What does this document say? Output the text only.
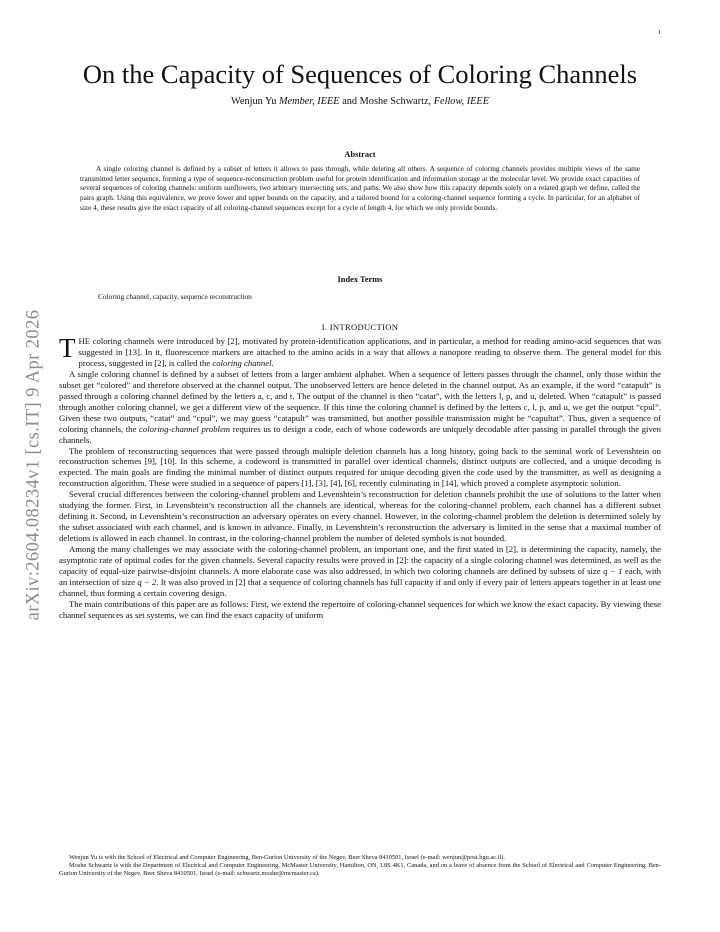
1
arXiv:2604.08234v1 [cs.IT] 9 Apr 2026
On the Capacity of Sequences of Coloring Channels
Wenjun Yu Member, IEEE and Moshe Schwartz, Fellow, IEEE
Abstract
A single coloring channel is defined by a subset of letters it allows to pass through, while deleting all others. A sequence of coloring channels provides multiple views of the same transmitted letter sequence, forming a type of sequence-reconstruction problem useful for protein identification and information storage at the molecular level. We provide exact capacities of several sequences of coloring channels: uniform sunflowers, two arbitrary intersecting sets, and paths. We also show how this capacity depends solely on a related graph we define, called the pairs graph. Using this equivalence, we prove lower and upper bounds on the capacity, and a tailored bound for a coloring-channel sequence forming a cycle. In particular, for an alphabet of size 4, these results give the exact capacity of all coloring-channel sequences except for a cycle of length 4, for which we only provide bounds.
Index Terms
Coloring channel, capacity, sequence reconstruction
I. INTRODUCTION

THE coloring channels were introduced by [2], motivated by protein-identification applications, and in particular, a method for reading amino-acid sequences that was suggested in [13]. In it, fluorescence markers are attached to the amino acids in a way that allows a nanopore reading to observe them. The general model for this process, suggested in [2], is called the coloring channel.

A single coloring channel is defined by a subset of letters from a larger ambient alphabet. When a sequence of letters passes through the channel, only those within the subset get “colored” and therefore observed at the channel output. The unobserved letters are hence deleted in the channel output. As an example, if the word “catapult” is passed through a coloring channel defined by the letters a, c, and t. The output of the channel is then “catat”, with the letters l, p, and u, deleted. When “catapult” is passed through another coloring channel, we get a different view of the sequence. If this time the coloring channel is defined by the letters c, l, p, and u, we get the output “cpul”. Given these two outputs, “catat” and “cpul”, we may guess “catapult” was transmitted, but another possible transmission might be “capultat”. Thus, given a sequence of coloring channels, the coloring-channel problem requires us to design a code, each of whose codewords are uniquely decodable after passing in parallel through the given channels.

The problem of reconstructing sequences that were passed through multiple deletion channels has a long history, going back to the seminal work of Levenshtein on reconstruction schemes [9], [10]. In this scheme, a codeword is transmitted in parallel over identical channels, distinct outputs are collected, and a unique decoding is expected. The main goals are finding the minimal number of distinct outputs required for unique decoding given the code used by the transmitter, as well as designing a reconstruction algorithm. These were studied in a sequence of papers [1], [3], [4], [6], recently culminating in [14], which proved a complete asymptotic solution.

Several crucial differences between the coloring-channel problem and Levenshtein’s reconstruction for deletion channels prohibit the use of solutions to the latter when studying the former. First, in Levenshtein’s reconstruction all the channels are identical, whereas for the coloring-channel problem, each channel has a different subset defining it. Second, in Levenshtein’s reconstruction an adversary operates on every channel. However, in the coloring-channel problem the deletion is determined solely by the subset associated with each channel, and is known in advance. Finally, in Levenshtein’s reconstruction the adversary is limited in the sense that a maximal number of deletions is allowed in each channel. In contrast, in the coloring-channel problem the number of deleted symbols is not bounded.

Among the many challenges we may associate with the coloring-channel problem, an important one, and the first stated in [2], is determining the capacity, namely, the asymptotic rate of optimal codes for the given channels. Several capacity results were proved in [2]: the capacity of a single coloring channel was determined, as well as the capacity of equal-size pairwise-disjoint channels. A more elaborate case was also addressed, in which two coloring channels are defined by subsets of size q − 1 each, with an intersection of size q − 2. It was also proved in [2] that a sequence of coloring channels has full capacity if and only if every pair of letters appears together in at least one channel, thus forming a certain covering design.

The main contributions of this paper are as follows: First, we extend the repertoire of coloring-channel sequences for which we know the exact capacity. By viewing these channel sequences as set systems, we can find the exact capacity of uniform

Wenjun Yu is with the School of Electrical and Computer Engineering, Ben-Gurion University of the Negev, Beer Sheva 8410501, Israel (e-mail: wenjun@post.bgu.ac.il).

Moshe Schwartz is with the Department of Electrical and Computer Engineering, McMaster University, Hamilton, ON, L8S 4K1, Canada, and on a leave of absence from the School of Electrical and Computer Engineering, Ben-Gurion University of the Negev, Beer Sheva 8410501, Israel (e-mail: schwartz.moshe@mcmaster.ca).
